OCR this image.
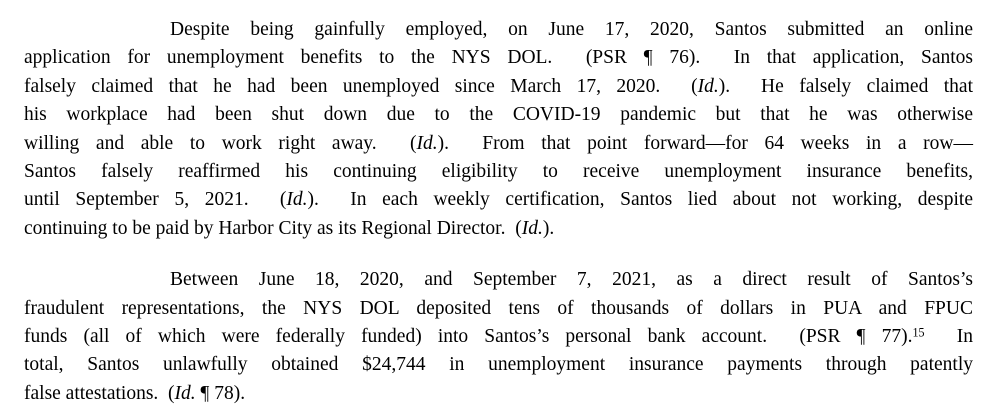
Despite being gainfully employed, on June 17, 2020, Santos submitted an online
application for unemployment benefits to the NYS DOL.  (PSR ¶ 76).  In that application, Santos
falsely claimed that he had been unemployed since March 17, 2020.  (Id.).  He falsely claimed that
his workplace had been shut down due to the COVID-19 pandemic but that he was otherwise
willing and able to work right away.  (Id.).  From that point forward—for 64 weeks in a row—
Santos falsely reaffirmed his continuing eligibility to receive unemployment insurance benefits,
until September 5, 2021.  (Id.).  In each weekly certification, Santos lied about not working, despite
continuing to be paid by Harbor City as its Regional Director.  (Id.).
Between June 18, 2020, and September 7, 2021, as a direct result of Santos’s
fraudulent representations, the NYS DOL deposited tens of thousands of dollars in PUA and FPUC
funds (all of which were federally funded) into Santos’s personal bank account.  (PSR ¶ 77).$^{15}$  In
total, Santos unlawfully obtained $24,744 in unemployment insurance payments through patently
false attestations.  (Id. ¶ 78).
